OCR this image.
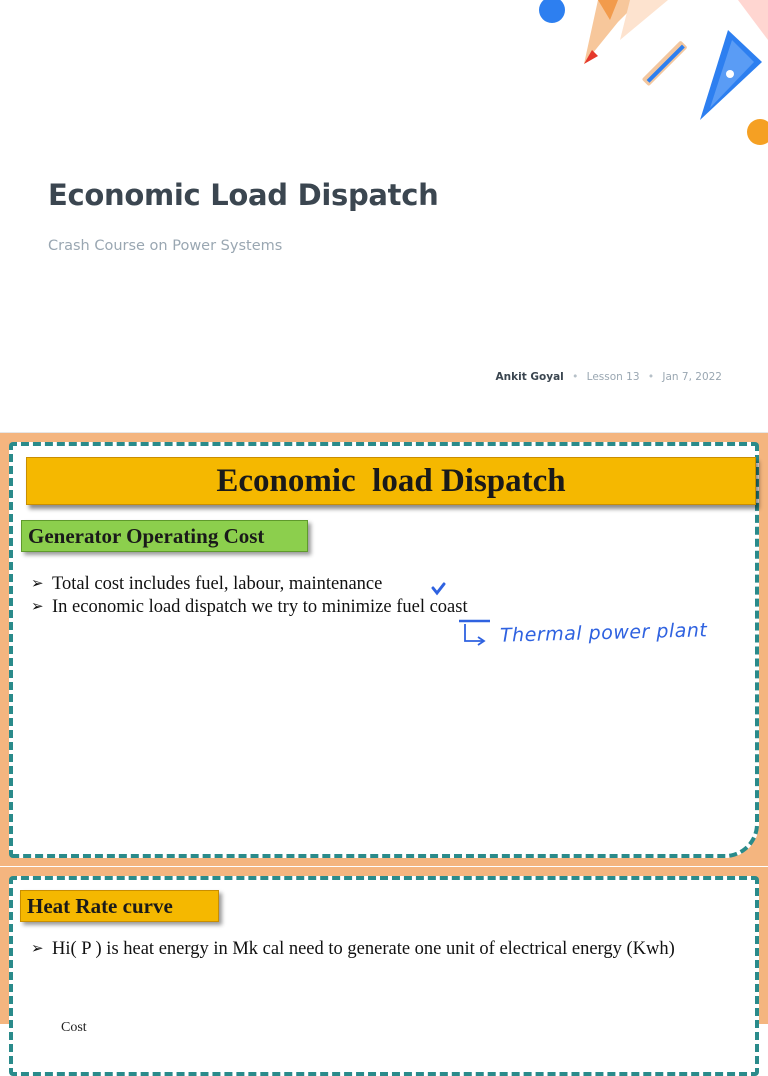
Economic Load Dispatch
Crash Course on Power Systems
Ankit Goyal • Lesson 13 • Jan 7, 2022
Economic  load Dispatch
Generator Operating Cost
➢ Total cost includes fuel, labour, maintenance
➢ In economic load dispatch we try to minimize fuel coast
Thermal power plant
Heat Rate curve
➢ Hi( P ) is heat energy in Mk cal need to generate one unit of electrical energy (Kwh)
Cost
